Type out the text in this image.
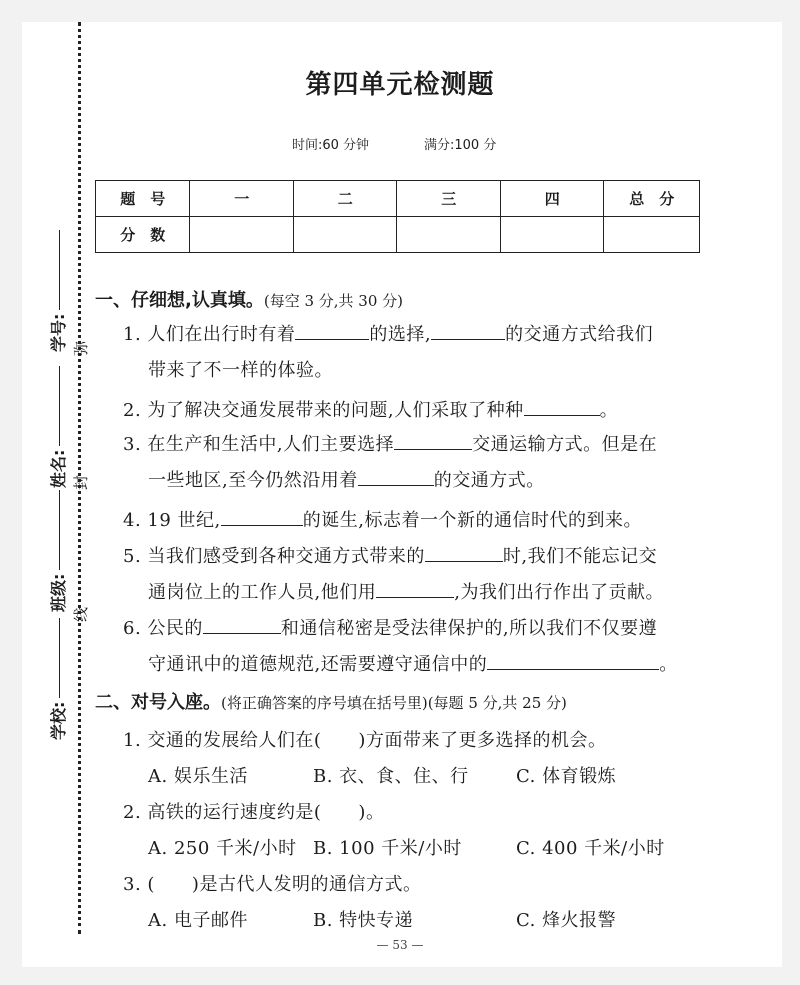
弥
封
线
学号:
姓名:
班级:
学校:
第四单元检测题
时间:60 分钟	满分:100 分
题　号	一	二	三	四	总　分
分　数					
一、仔细想,认真填。(每空 3 分,共 30 分)
1. 人们在出行时有着	的选择,	的交通方式给我们
带来了不一样的体验。
2. 为了解决交通发展带来的问题,人们采取了种种	。
3. 在生产和生活中,人们主要选择	交通运输方式。但是在
一些地区,至今仍然沿用着	的交通方式。
4. 19 世纪,	的诞生,标志着一个新的通信时代的到来。
5. 当我们感受到各种交通方式带来的	时,我们不能忘记交
通岗位上的工作人员,他们用	,为我们出行作出了贡献。
6. 公民的	和通信秘密是受法律保护的,所以我们不仅要遵
守通讯中的道德规范,还需要遵守通信中的	。
二、对号入座。(将正确答案的序号填在括号里)(每题 5 分,共 25 分)
1. 交通的发展给人们在(　　)方面带来了更多选择的机会。
A. 娱乐生活	B. 衣、食、住、行	C. 体育锻炼
2. 高铁的运行速度约是(　　)。
A. 250 千米/小时 B. 100 千米/小时	C. 400 千米/小时
3. (　　)是古代人发明的通信方式。
A. 电子邮件	B. 特快专递	C. 烽火报警
— 53 —
